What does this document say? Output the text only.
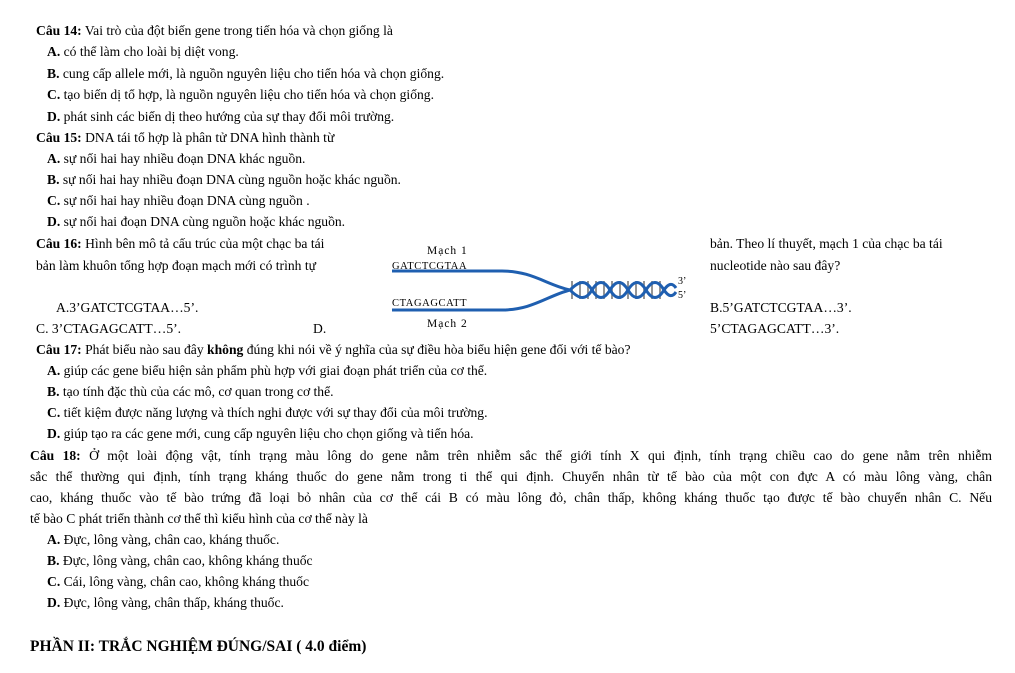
Câu 14: Vai trò của đột biến gene trong tiến hóa và chọn giống là
A. có thể làm cho loài bị diệt vong.
B. cung cấp allele mới, là nguồn nguyên liệu cho tiến hóa và chọn giống.
C. tạo biến dị tổ hợp, là nguồn nguyên liệu cho tiến hóa và chọn giống.
D. phát sinh các biến dị theo hướng của sự thay đổi môi trường.
Câu 15: DNA tái tổ hợp là phân tử DNA hình thành từ
A. sự nối hai hay nhiều đoạn DNA khác nguồn.
B. sự nối hai hay nhiều đoạn DNA cùng nguồn hoặc khác nguồn.
C. sự nối hai hay nhiều đoạn DNA cùng nguồn .
D. sự nối hai đoạn DNA cùng nguồn hoặc khác nguồn.
Câu 16: Hình bên mô tả cấu trúc của một chạc ba tái	bản. Theo lí thuyết, mạch 1 của chạc ba tái
bản làm khuôn tổng hợp đoạn mạch mới có trình tự	nucleotide nào sau đây?
A.3’GATCTCGTAA…5’.	B.5’GATCTCGTAA…3’.
C. 3’CTAGAGCATT…5’.	D.	5’CTAGAGCATT…3’.
Mạch 1
GATCTCGTAA
CTAGAGCATT
Mạch 2
3’
5’
Câu 17: Phát biểu nào sau đây không đúng khi nói về ý nghĩa của sự điều hòa biểu hiện gene đối với tế bào?
A. giúp các gene biểu hiện sản phẩm phù hợp với giai đoạn phát triển của cơ thể.
B. tạo tính đặc thù của các mô, cơ quan trong cơ thể.
C. tiết kiệm được năng lượng và thích nghi được với sự thay đổi của môi trường.
D. giúp tạo ra các gene mới, cung cấp nguyên liệu cho chọn giống và tiến hóa.
Câu 18: Ở một loài động vật, tính trạng màu lông do gene nằm trên nhiễm sắc thể giới tính X qui định, tính trạng chiều cao do gene nằm trên nhiễm
sắc thể thường qui định, tính trạng kháng thuốc do gene nằm trong ti thể qui định. Chuyển nhân từ tế bào của một con đực A có màu lông vàng, chân
cao, kháng thuốc vào tế bào trứng đã loại bỏ nhân của cơ thể cái B có màu lông đỏ, chân thấp, không kháng thuốc tạo được tế bào chuyển nhân C. Nếu
tế bào C phát triển thành cơ thể thì kiểu hình của cơ thể này là
A. Đực, lông vàng, chân cao, kháng thuốc.
B. Đực, lông vàng, chân cao, không kháng thuốc
C. Cái, lông vàng, chân cao, không kháng thuốc
D. Đực, lông vàng, chân thấp, kháng thuốc.
PHẦN II: TRẮC NGHIỆM ĐÚNG/SAI ( 4.0 điểm)
